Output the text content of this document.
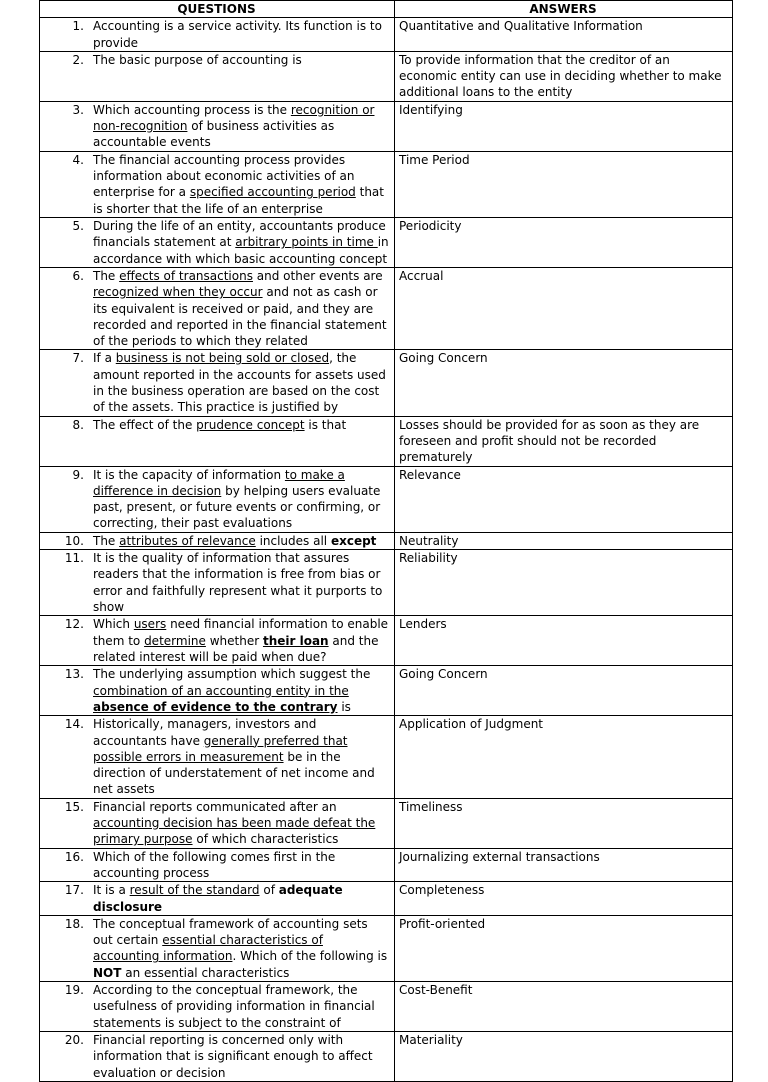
QUESTIONS	ANSWERS

1. Accounting is a service activity. Its function is to provide	Quantitative and Qualitative Information

2. The basic purpose of accounting is	To provide information that the creditor of an economic entity can use in deciding whether to make additional loans to the entity

3. Which accounting process is the recognition or non-recognition of business activities as accountable events	Identifying

4. The financial accounting process provides information about economic activities of an enterprise for a specified accounting period that is shorter that the life of an enterprise	Time Period

5. During the life of an entity, accountants produce financials statement at arbitrary points in time in accordance with which basic accounting concept	Periodicity

6. The effects of transactions and other events are recognized when they occur and not as cash or its equivalent is received or paid, and they are recorded and reported in the financial statement of the periods to which they related	Accrual

7. If a business is not being sold or closed, the amount reported in the accounts for assets used in the business operation are based on the cost of the assets. This practice is justified by	Going Concern

8. The effect of the prudence concept is that	Losses should be provided for as soon as they are foreseen and profit should not be recorded prematurely

9. It is the capacity of information to make a difference in decision by helping users evaluate past, present, or future events or confirming, or correcting, their past evaluations	Relevance

10. The attributes of relevance includes all except	Neutrality

11. It is the quality of information that assures readers that the information is free from bias or error and faithfully represent what it purports to show	Reliability

12. Which users need financial information to enable them to determine whether their loan and the related interest will be paid when due?	Lenders

13. The underlying assumption which suggest the combination of an accounting entity in the absence of evidence to the contrary is	Going Concern

14. Historically, managers, investors and accountants have generally preferred that possible errors in measurement be in the direction of understatement of net income and net assets	Application of Judgment

15. Financial reports communicated after an accounting decision has been made defeat the primary purpose of which characteristics	Timeliness

16. Which of the following comes first in the accounting process	Journalizing external transactions

17. It is a result of the standard of adequate disclosure	Completeness

18. The conceptual framework of accounting sets out certain essential characteristics of accounting information. Which of the following is NOT an essential characteristics	Profit-oriented

19. According to the conceptual framework, the usefulness of providing information in financial statements is subject to the constraint of	Cost-Benefit

20. Financial reporting is concerned only with information that is significant enough to affect evaluation or decision	Materiality
